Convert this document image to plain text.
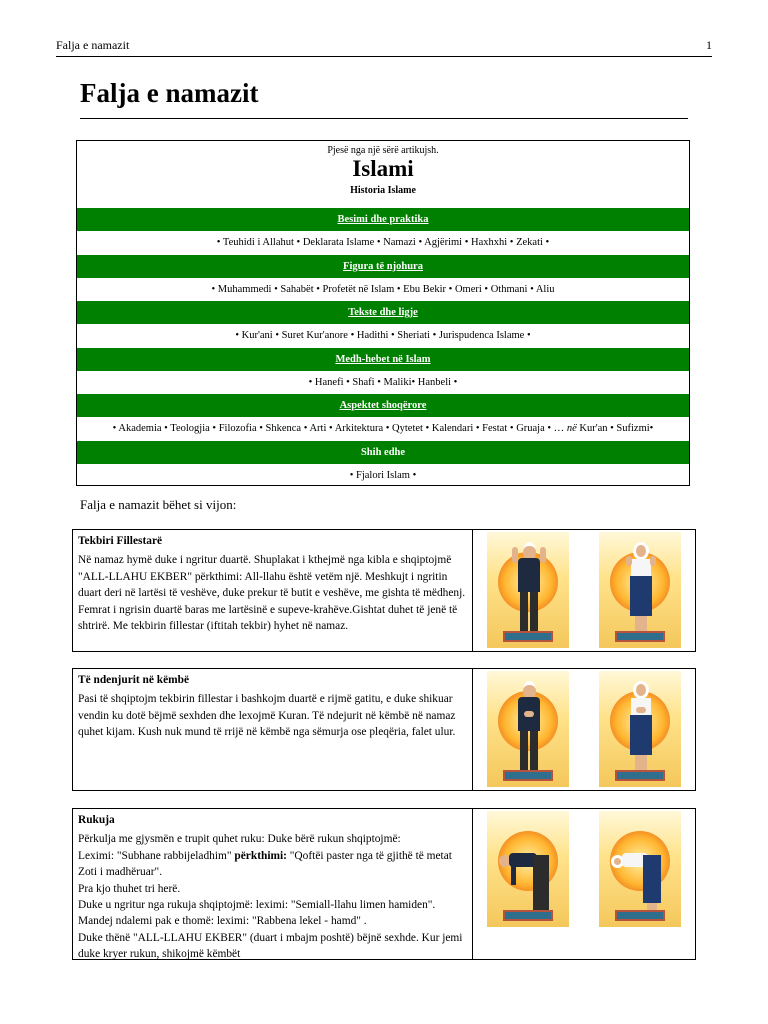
Falja e namazit	1
Falja e namazit
Pjesë nga një sërë artikujsh.
Islami
Historia Islame
Besimi dhe praktika
• Teuhidi i Allahut • Deklarata Islame • Namazi • Agjërimi • Haxhxhi • Zekati •
Figura të njohura
• Muhammedi • Sahabët • Profetët në Islam • Ebu Bekir • Omeri • Othmani • Aliu
Tekste dhe ligje
• Kur'ani • Suret Kur'anore • Hadithi • Sheriati • Jurispudenca Islame •
Medh-hebet në Islam
• Hanefi • Shafi • Maliki• Hanbeli •
Aspektet shoqërore
• Akademia • Teologjia • Filozofia • Shkenca • Arti • Arkitektura • Qytetet • Kalendari • Festat • Gruaja • … në Kur'an • Sufizmi•
Shih edhe
• Fjalori Islam •
Falja e namazit bëhet si vijon:
Tekbiri Fillestarë

Në namaz hymë duke i ngritur duartë. Shuplakat i kthejmë nga kibla e shqiptojmë "ALL-LLAHU EKBER" përkthimi: All-llahu është vetëm një. Meshkujt i ngritin duart deri në lartësi të veshëve, duke prekur të butit e veshëve, me gishta të mëdhenj. Femrat i ngrisin duartë baras me lartësinë e supeve-krahëve.Gishtat duhet të jenë të shtrirë. Me tekbirin fillestar (iftitah tekbir) hyhet në namaz.

Të ndenjurit në këmbë

Pasi të shqiptojm tekbirin fillestar i bashkojm duartë e rijmë gatitu, e duke shikuar vendin ku dotë bëjmë sexhden dhe lexojmë Kuran. Të ndejurit në këmbë në namaz quhet kijam. Kush nuk mund të rrijë në këmbë nga sëmurja ose pleqëria, falet ulur.

Rukuja

Përkulja me gjysmën e trupit quhet ruku: Duke bërë rukun shqiptojmë:
Leximi: "Subhane rabbijeladhim" përkthimi: "Qoftëi paster nga të gjithë të metat Zoti i madhëruar".
Pra kjo thuhet tri herë.
Duke u ngritur nga rukuja shqiptojmë: leximi: "Semiall-llahu limen hamiden".
Mandej ndalemi pak e thomë: leximi: "Rabbena lekel - hamd" .
Duke thënë "ALL-LLAHU EKBER" (duart i mbajm poshtë) bëjnë sexhde. Kur jemi duke kryer rukun, shikojmë këmbët
